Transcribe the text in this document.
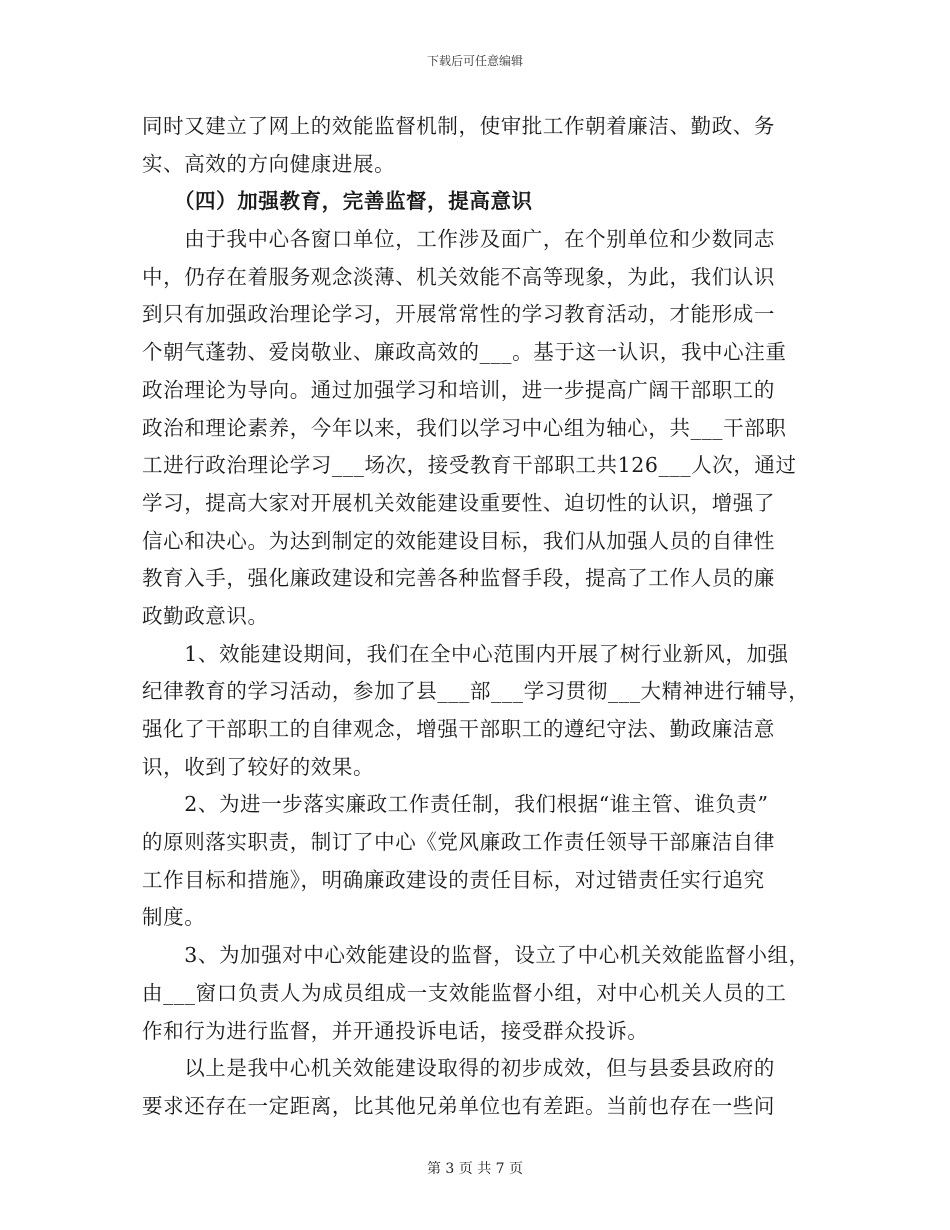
下载后可任意编辑
同时又建立了网上的效能监督机制，使审批工作朝着廉洁、勤政、务
实、高效的方向健康进展。
　　（四）加强教育，完善监督，提高意识
　　由于我中心各窗口单位，工作涉及面广，在个别单位和少数同志
中，仍存在着服务观念淡薄、机关效能不高等现象，为此，我们认识
到只有加强政治理论学习，开展常常性的学习教育活动，才能形成一
个朝气蓬勃、爱岗敬业、廉政高效的___。基于这一认识，我中心注重
政治理论为导向。通过加强学习和培训，进一步提高广阔干部职工的
政治和理论素养，今年以来，我们以学习中心组为轴心，共___干部职
工进行政治理论学习___场次，接受教育干部职工共126___人次，通过
学习，提高大家对开展机关效能建设重要性、迫切性的认识，增强了
信心和决心。为达到制定的效能建设目标，我们从加强人员的自律性
教育入手，强化廉政建设和完善各种监督手段，提高了工作人员的廉
政勤政意识。
　　1、效能建设期间，我们在全中心范围内开展了树行业新风，加强
纪律教育的学习活动，参加了县___部___学习贯彻___大精神进行辅导，
强化了干部职工的自律观念，增强干部职工的遵纪守法、勤政廉洁意
识，收到了较好的效果。
　　2、为进一步落实廉政工作责任制，我们根据“谁主管、谁负责”
的原则落实职责，制订了中心《党风廉政工作责任领导干部廉洁自律
工作目标和措施》，明确廉政建设的责任目标，对过错责任实行追究
制度。
　　3、为加强对中心效能建设的监督，设立了中心机关效能监督小组，
由___窗口负责人为成员组成一支效能监督小组，对中心机关人员的工
作和行为进行监督，并开通投诉电话，接受群众投诉。
　　以上是我中心机关效能建设取得的初步成效，但与县委县政府的
要求还存在一定距离，比其他兄弟单位也有差距。当前也存在一些问
第 3 页 共 7 页
